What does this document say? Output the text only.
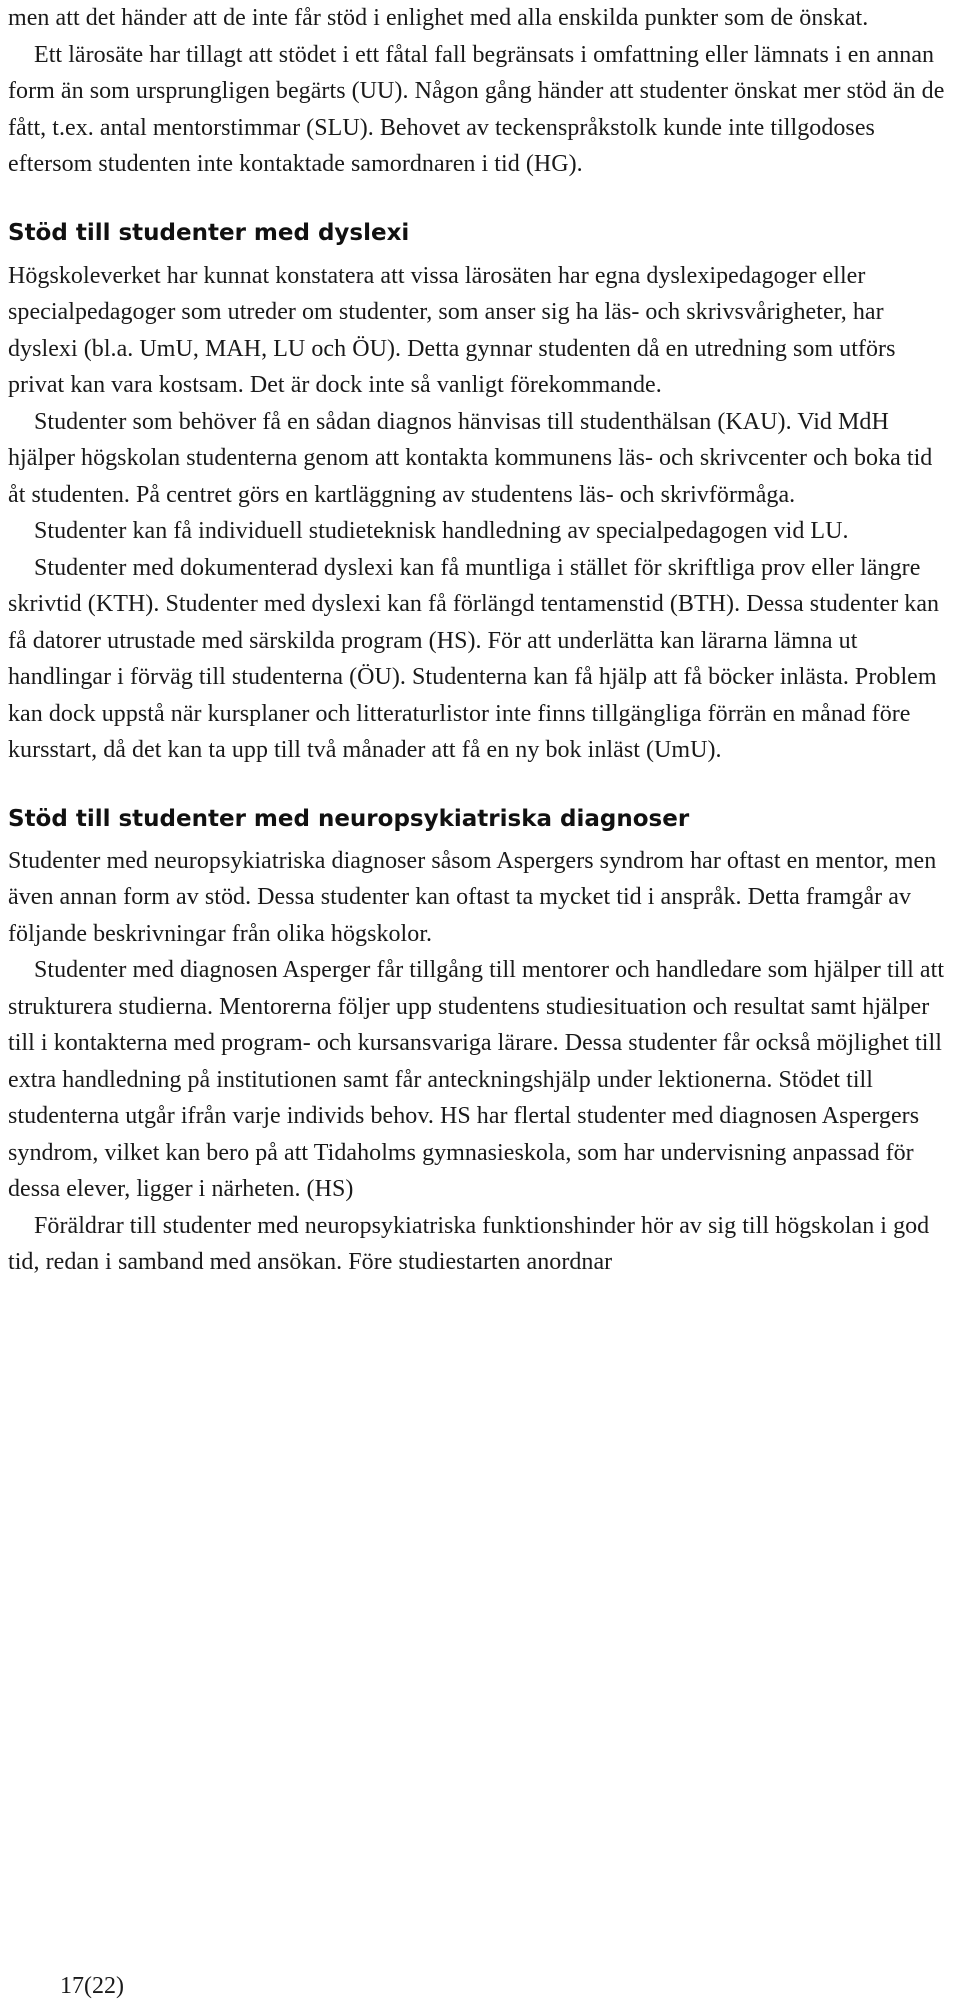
men att det händer att de inte får stöd i enlighet med alla enskilda punkter som de önskat.

Ett lärosäte har tillagt att stödet i ett fåtal fall begränsats i omfattning eller lämnats i en annan form än som ursprungligen begärts (UU). Någon gång händer att studenter önskat mer stöd än de fått, t.ex. antal mentorstimmar (SLU). Behovet av teckenspråkstolk kunde inte tillgodoses eftersom studenten inte kontaktade samordnaren i tid (HG).

Stöd till studenter med dyslexi

Högskoleverket har kunnat konstatera att vissa lärosäten har egna dyslexipedagoger eller specialpedagoger som utreder om studenter, som anser sig ha läs- och skrivsvårigheter, har dyslexi (bl.a. UmU, MAH, LU och ÖU). Detta gynnar studenten då en utredning som utförs privat kan vara kostsam. Det är dock inte så vanligt förekommande.

Studenter som behöver få en sådan diagnos hänvisas till studenthälsan (KAU). Vid MdH hjälper högskolan studenterna genom att kontakta kommunens läs- och skrivcenter och boka tid åt studenten. På centret görs en kartläggning av studentens läs- och skrivförmåga.

Studenter kan få individuell studieteknisk handledning av specialpedagogen vid LU.

Studenter med dokumenterad dyslexi kan få muntliga i stället för skriftliga prov eller längre skrivtid (KTH). Studenter med dyslexi kan få förlängd tentamenstid (BTH). Dessa studenter kan få datorer utrustade med särskilda program (HS). För att underlätta kan lärarna lämna ut handlingar i förväg till studenterna (ÖU). Studenterna kan få hjälp att få böcker inlästa. Problem kan dock uppstå när kursplaner och litteraturlistor inte finns tillgängliga förrän en månad före kursstart, då det kan ta upp till två månader att få en ny bok inläst (UmU).

Stöd till studenter med neuropsykiatriska diagnoser

Studenter med neuropsykiatriska diagnoser såsom Aspergers syndrom har oftast en mentor, men även annan form av stöd. Dessa studenter kan oftast ta mycket tid i anspråk. Detta framgår av följande beskrivningar från olika högskolor.

Studenter med diagnosen Asperger får tillgång till mentorer och handledare som hjälper till att strukturera studierna. Mentorerna följer upp studentens studiesituation och resultat samt hjälper till i kontakterna med program- och kursansvariga lärare. Dessa studenter får också möjlighet till extra handledning på institutionen samt får anteckningshjälp under lektionerna. Stödet till studenterna utgår ifrån varje individs behov. HS har flertal studenter med diagnosen Aspergers syndrom, vilket kan bero på att Tidaholms gymnasieskola, som har undervisning anpassad för dessa elever, ligger i närheten. (HS)

Föräldrar till studenter med neuropsykiatriska funktionshinder hör av sig till högskolan i god tid, redan i samband med ansökan. Före studiestarten anordnar

17(22)
